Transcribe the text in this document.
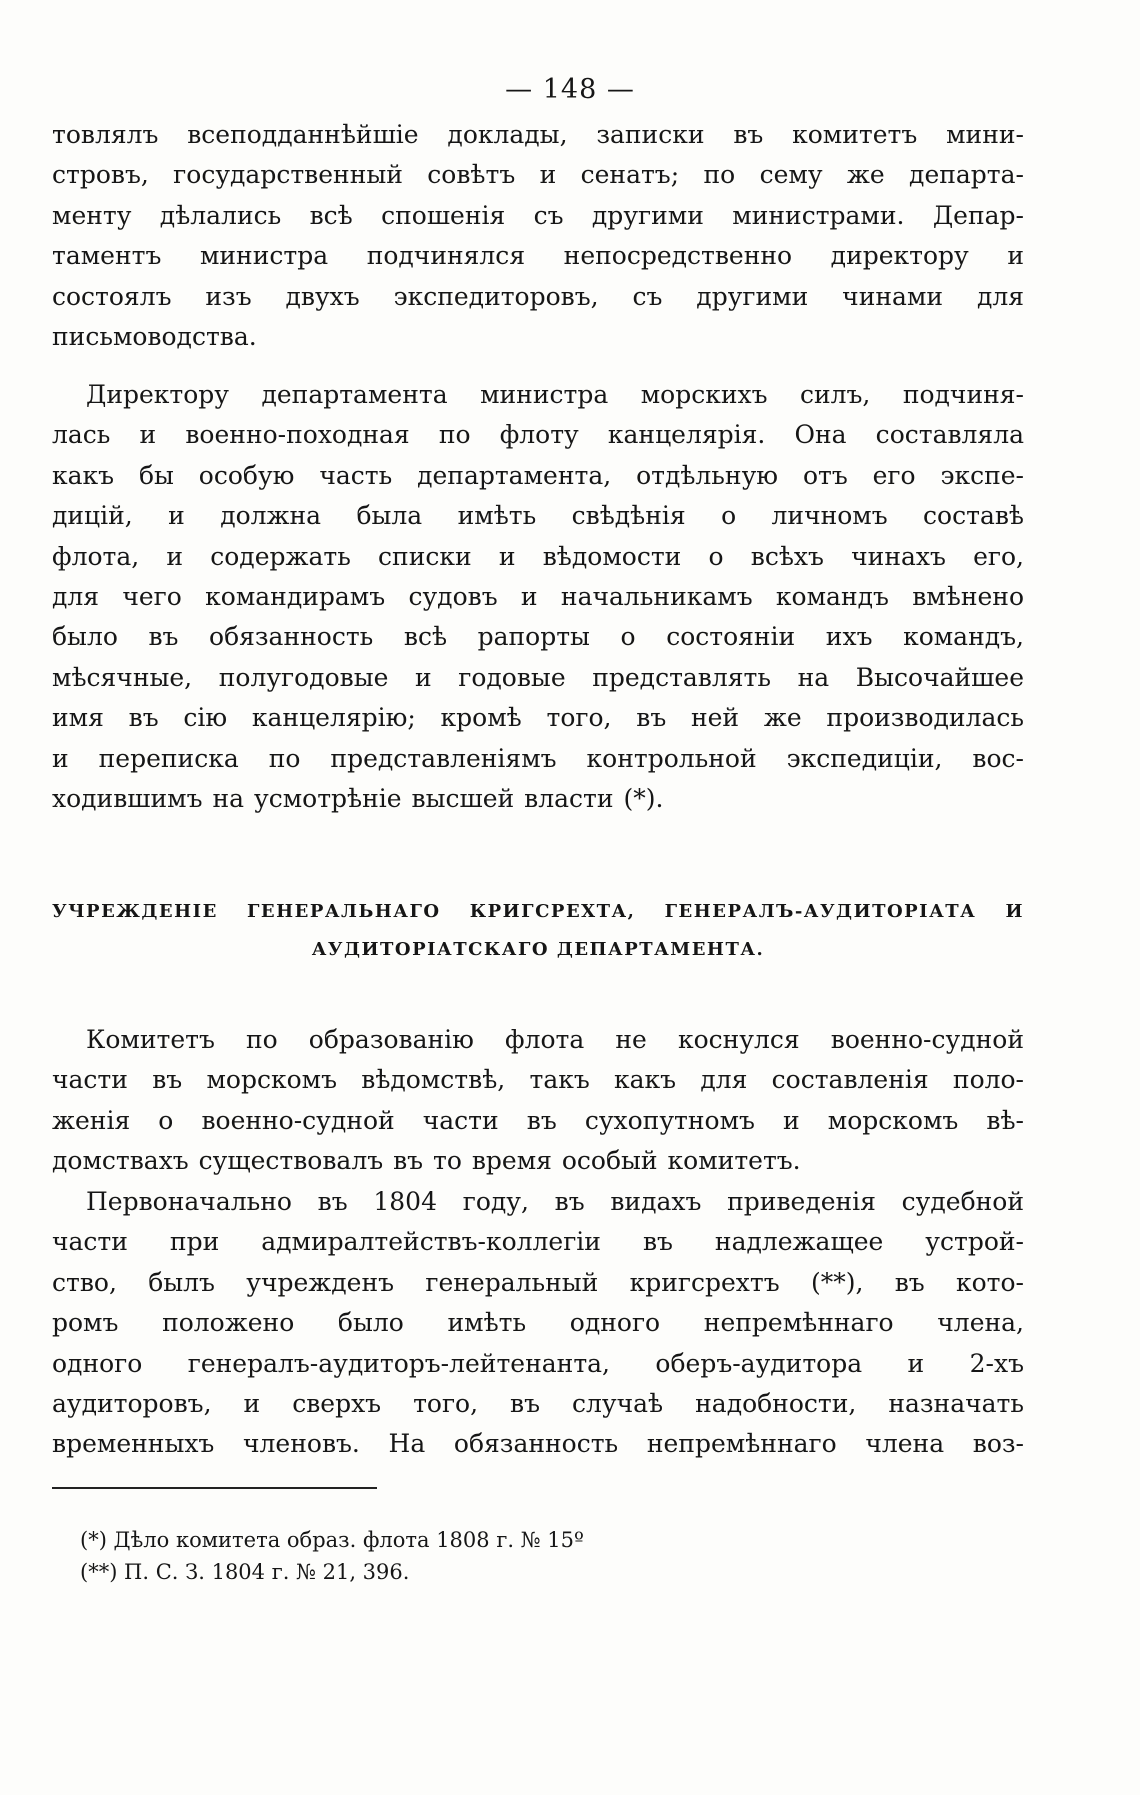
— 148 —
товлялъ всеподданнѣйшіе доклады, записки въ комитетъ мини-
стровъ, государственный совѣтъ и сенатъ; по сему же департа-
менту дѣлались всѣ спошенія съ другими министрами. Депар-
таментъ министра подчинялся непосредственно директору и
состоялъ изъ двухъ экспедиторовъ, съ другими чинами для
письмоводства.
Директору департамента министра морскихъ силъ, подчиня-
лась и военно-походная по флоту канцелярія. Она составляла
какъ бы особую часть департамента, отдѣльную отъ его экспе-
дицій, и должна была имѣть свѣдѣнія о личномъ составѣ
флота, и содержать списки и вѣдомости о всѣхъ чинахъ его,
для чего командирамъ судовъ и начальникамъ командъ вмѣнено
было въ обязанность всѣ рапорты о состояніи ихъ командъ,
мѣсячные, полугодовые и годовые представлять на Высочайшее
имя въ сію канцелярію; кромѣ того, въ ней же производилась
и переписка по представленіямъ контрольной экспедиціи, вос-
ходившимъ на усмотрѣніе высшей власти (*).
УЧРЕЖДЕНІЕ ГЕНЕРАЛЬНАГО КРИГСРЕХТА, ГЕНЕРАЛЪ-АУДИТОРІАТА И
АУДИТОРІАТСКАГО ДЕПАРТАМЕНТА.
Комитетъ по образованію флота не коснулся военно-судной
части въ морскомъ вѣдомствѣ, такъ какъ для составленія поло-
женія о военно-судной части въ сухопутномъ и морскомъ вѣ-
домствахъ существовалъ въ то время особый комитетъ.
Первоначально въ 1804 году, въ видахъ приведенія судебной
части при адмиралтействъ-коллегіи въ надлежащее устрой-
ство, былъ учрежденъ генеральный кригсрехтъ (**), въ кото-
ромъ положено было имѣть одного непремѣннаго члена,
одного генералъ-аудиторъ-лейтенанта, оберъ-аудитора и 2-хъ
аудиторовъ, и сверхъ того, въ случаѣ надобности, назначать
временныхъ членовъ. На обязанность непремѣннаго члена воз-
(*) Дѣло комитета образ. флота 1808 г. № 15º
(**) П. С. З. 1804 г. № 21, 396.
